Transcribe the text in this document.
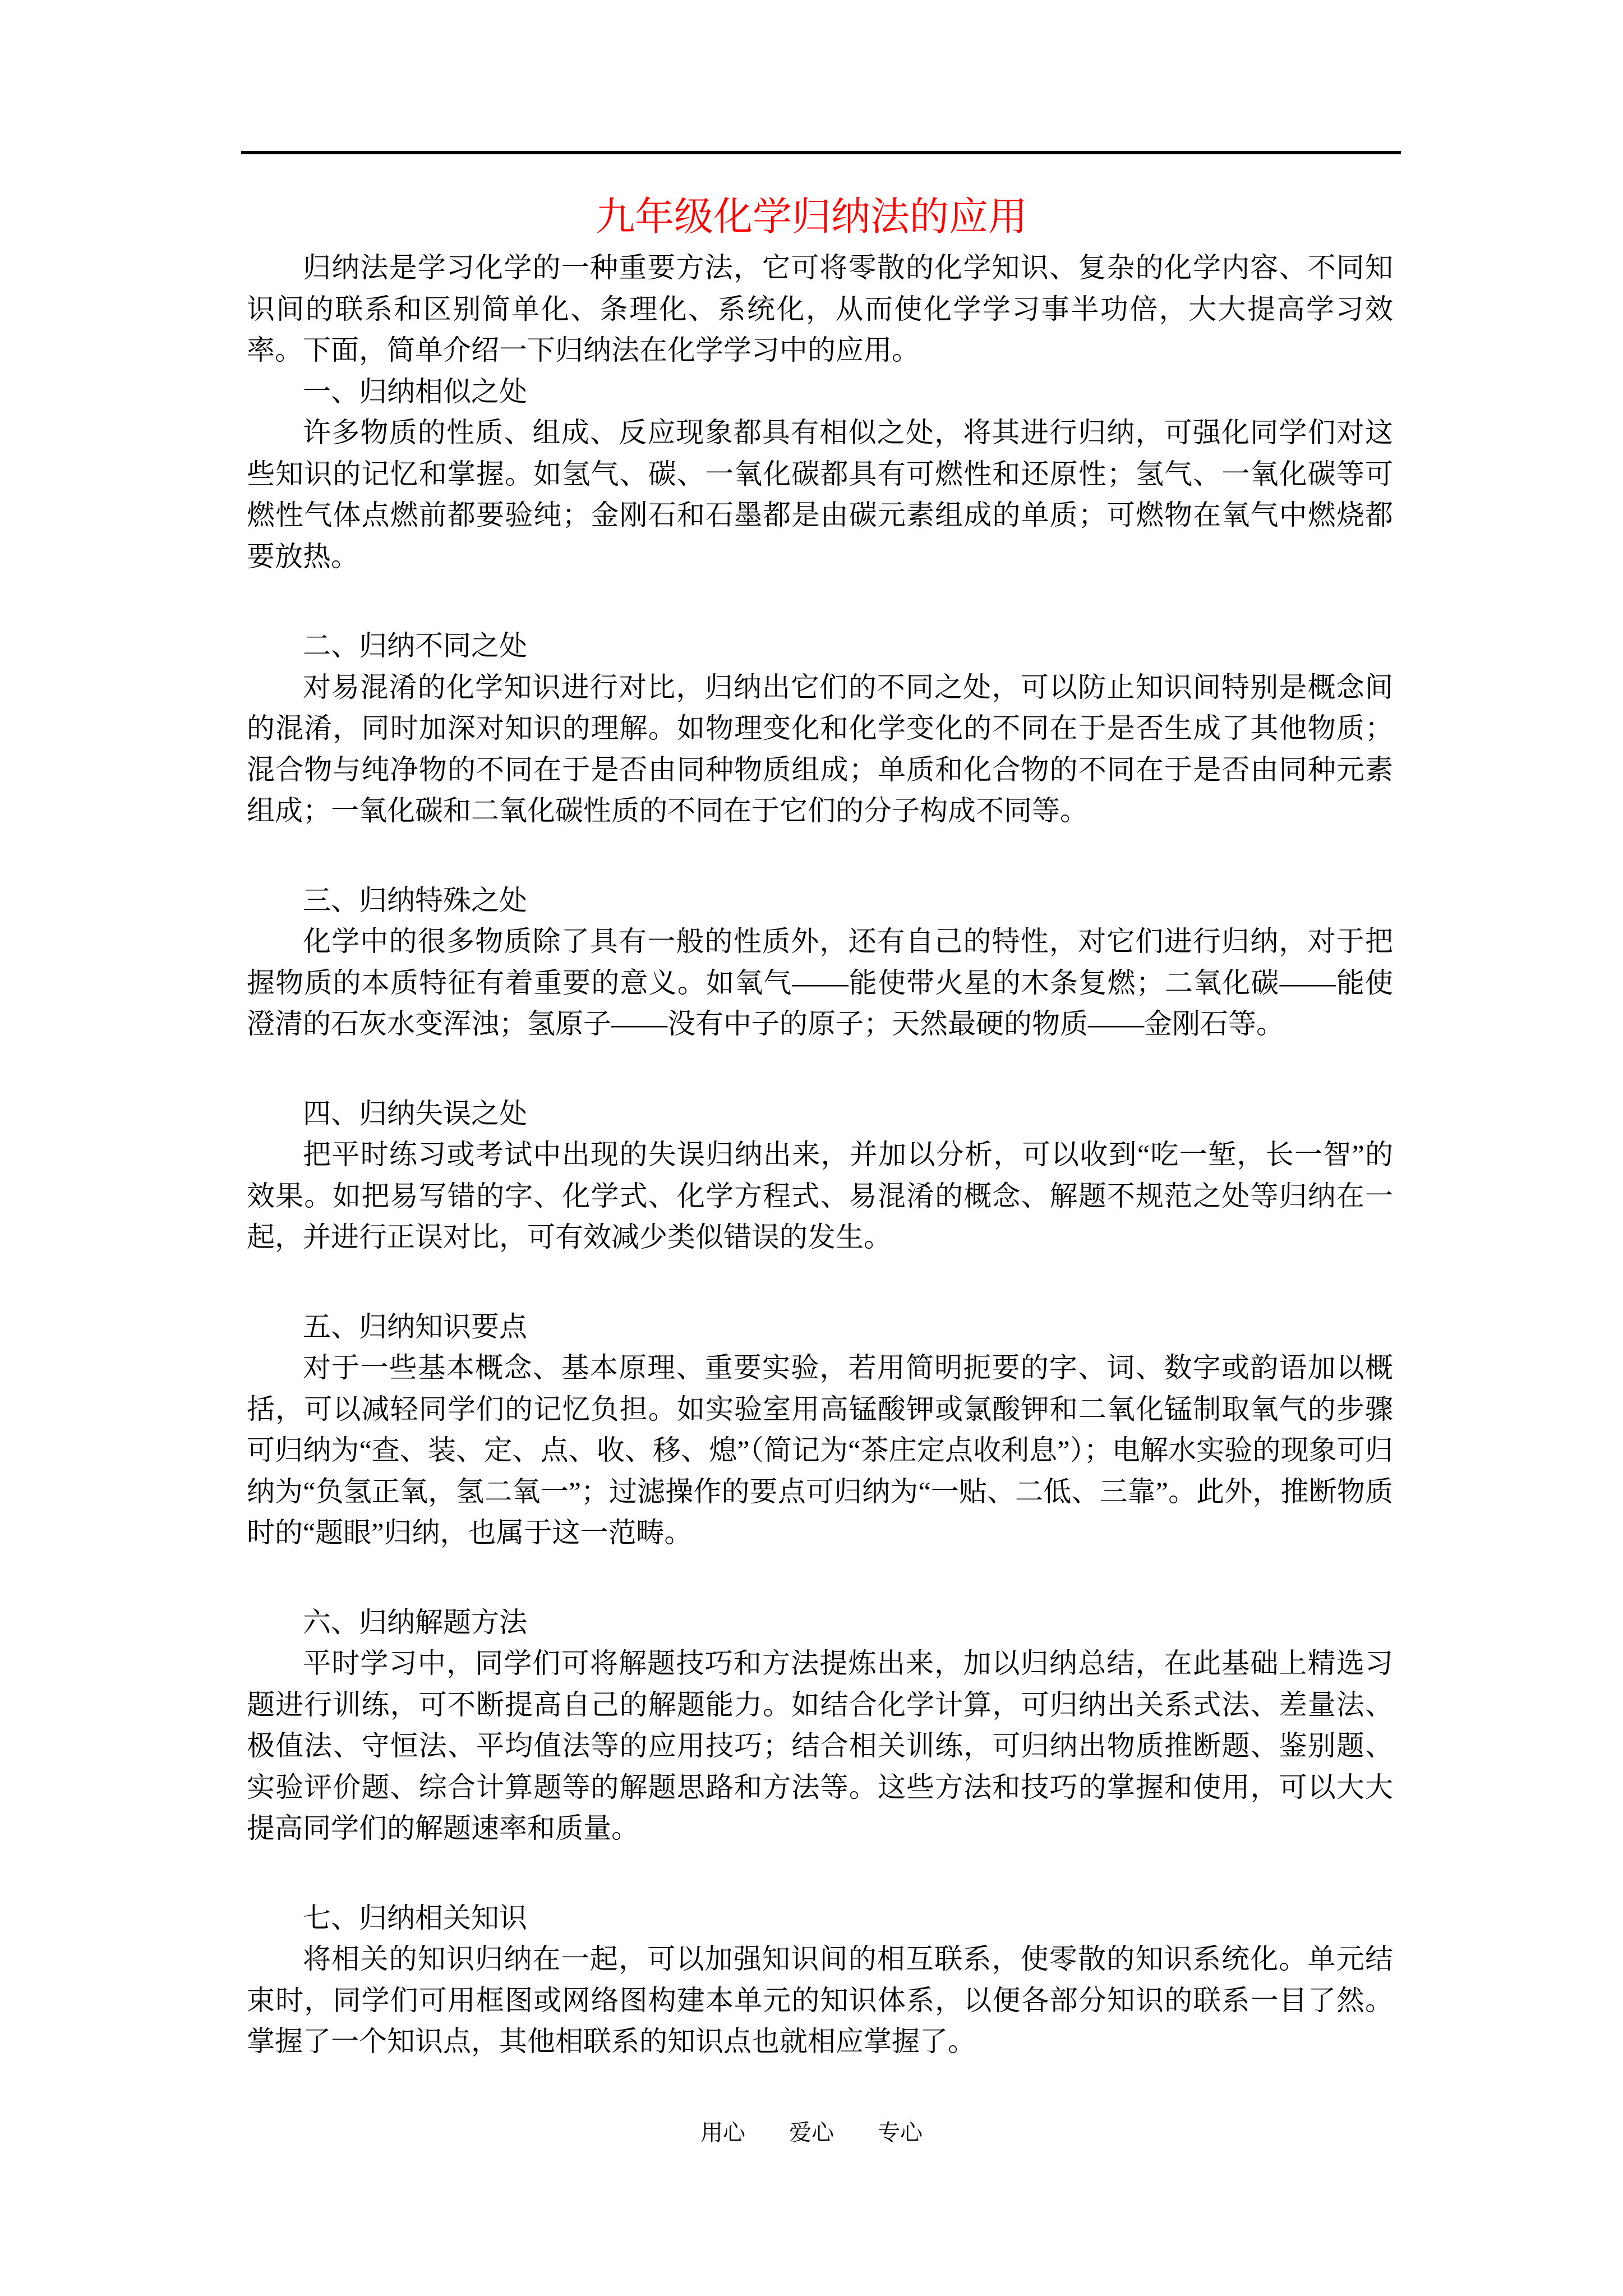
九年级化学归纳法的应用

归纳法是学习化学的一种重要方法，它可将零散的化学知识、复杂的化学内容、不同知识间的联系和区别简单化、条理化、系统化，从而使化学学习事半功倍，大大提高学习效率。下面，简单介绍一下归纳法在化学学习中的应用。

一、归纳相似之处

许多物质的性质、组成、反应现象都具有相似之处，将其进行归纳，可强化同学们对这些知识的记忆和掌握。如氢气、碳、一氧化碳都具有可燃性和还原性；氢气、一氧化碳等可燃性气体点燃前都要验纯；金刚石和石墨都是由碳元素组成的单质；可燃物在氧气中燃烧都要放热。

二、归纳不同之处

对易混淆的化学知识进行对比，归纳出它们的不同之处，可以防止知识间特别是概念间的混淆，同时加深对知识的理解。如物理变化和化学变化的不同在于是否生成了其他物质；混合物与纯净物的不同在于是否由同种物质组成；单质和化合物的不同在于是否由同种元素组成；一氧化碳和二氧化碳性质的不同在于它们的分子构成不同等。

三、归纳特殊之处

化学中的很多物质除了具有一般的性质外，还有自己的特性，对它们进行归纳，对于把握物质的本质特征有着重要的意义。如氧气——能使带火星的木条复燃；二氧化碳——能使澄清的石灰水变浑浊；氢原子——没有中子的原子；天然最硬的物质——金刚石等。

四、归纳失误之处

把平时练习或考试中出现的失误归纳出来，并加以分析，可以收到“吃一堑，长一智”的效果。如把易写错的字、化学式、化学方程式、易混淆的概念、解题不规范之处等归纳在一起，并进行正误对比，可有效减少类似错误的发生。

五、归纳知识要点

对于一些基本概念、基本原理、重要实验，若用简明扼要的字、词、数字或韵语加以概括，可以减轻同学们的记忆负担。如实验室用高锰酸钾或氯酸钾和二氧化锰制取氧气的步骤可归纳为“查、装、定、点、收、移、熄”（简记为“茶庄定点收利息”）；电解水实验的现象可归纳为“负氢正氧，氢二氧一”；过滤操作的要点可归纳为“一贴、二低、三靠”。此外，推断物质时的“题眼”归纳，也属于这一范畴。

六、归纳解题方法

平时学习中，同学们可将解题技巧和方法提炼出来，加以归纳总结，在此基础上精选习题进行训练，可不断提高自己的解题能力。如结合化学计算，可归纳出关系式法、差量法、极值法、守恒法、平均值法等的应用技巧；结合相关训练，可归纳出物质推断题、鉴别题、实验评价题、综合计算题等的解题思路和方法等。这些方法和技巧的掌握和使用，可以大大提高同学们的解题速率和质量。

七、归纳相关知识

将相关的知识归纳在一起，可以加强知识间的相互联系，使零散的知识系统化。单元结束时，同学们可用框图或网络图构建本单元的知识体系，以便各部分知识的联系一目了然。掌握了一个知识点，其他相联系的知识点也就相应掌握了。

用心 爱心 专心
